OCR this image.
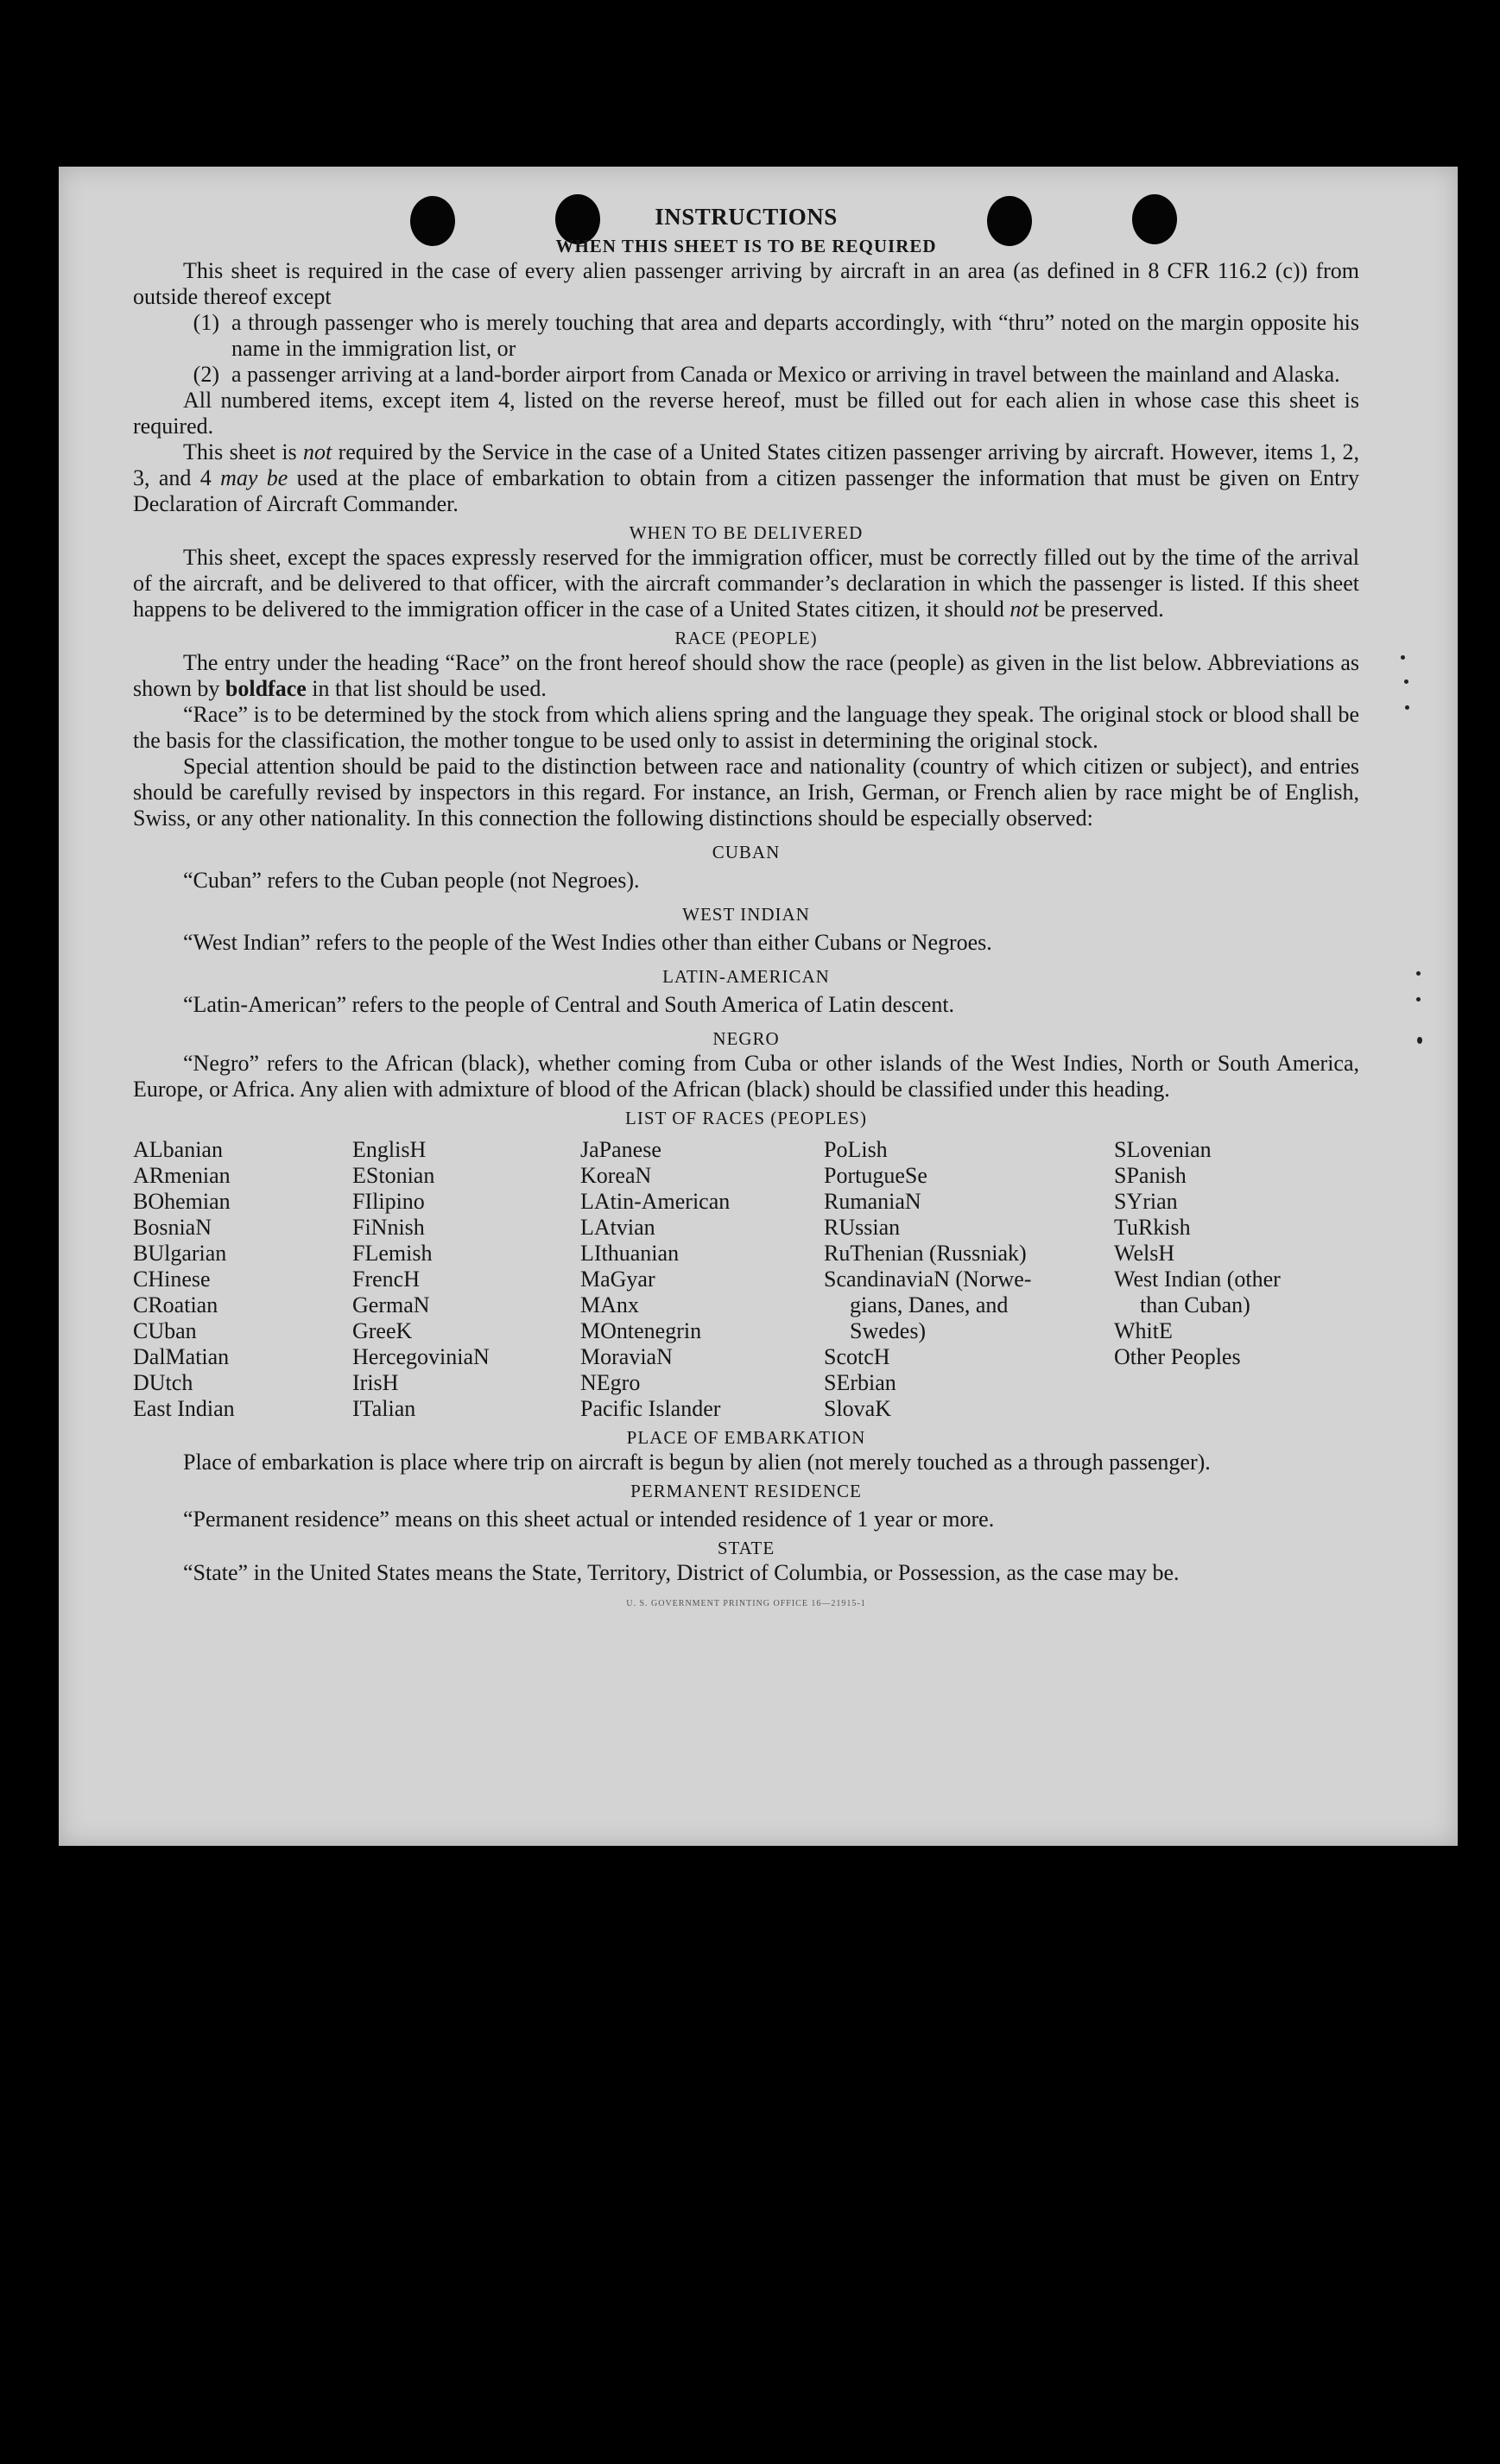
INSTRUCTIONS
WHEN THIS SHEET IS TO BE REQUIRED

This sheet is required in the case of every alien passenger arriving by aircraft in an area (as defined in 8 CFR 116.2 (c)) from outside thereof except

(1) a through passenger who is merely touching that area and departs accordingly, with “thru” noted on the margin opposite his name in the immigration list, or
(2) a passenger arriving at a land-border airport from Canada or Mexico or arriving in travel between the mainland and Alaska.

All numbered items, except item 4, listed on the reverse hereof, must be filled out for each alien in whose case this sheet is required.

This sheet is not required by the Service in the case of a United States citizen passenger arriving by aircraft. However, items 1, 2, 3, and 4 may be used at the place of embarkation to obtain from a citizen passenger the information that must be given on Entry Declaration of Aircraft Commander.

WHEN TO BE DELIVERED

This sheet, except the spaces expressly reserved for the immigration officer, must be correctly filled out by the time of the arrival of the aircraft, and be delivered to that officer, with the aircraft commander’s declaration in which the passenger is listed. If this sheet happens to be delivered to the immigration officer in the case of a United States citizen, it should not be preserved.

RACE (PEOPLE)

The entry under the heading “Race” on the front hereof should show the race (people) as given in the list below. Abbreviations as shown by boldface in that list should be used.

“Race” is to be determined by the stock from which aliens spring and the language they speak. The original stock or blood shall be the basis for the classification, the mother tongue to be used only to assist in determining the original stock.

Special attention should be paid to the distinction between race and nationality (country of which citizen or subject), and entries should be carefully revised by inspectors in this regard. For instance, an Irish, German, or French alien by race might be of English, Swiss, or any other nationality. In this connection the following distinctions should be especially observed:

CUBAN

“Cuban” refers to the Cuban people (not Negroes).

WEST INDIAN

“West Indian” refers to the people of the West Indies other than either Cubans or Negroes.

LATIN-AMERICAN

“Latin-American” refers to the people of Central and South America of Latin descent.

NEGRO

“Negro” refers to the African (black), whether coming from Cuba or other islands of the West Indies, North or South America, Europe, or Africa. Any alien with admixture of blood of the African (black) should be classified under this heading.

LIST OF RACES (PEOPLES)
ALbanian
ARmenian
BOhemian
BosniaN
BUlgarian
CHinese
CRoatian
CUban
DalMatian
DUtch
East Indian
EnglisH
EStonian
FIlipino
FiNnish
FLemish
FrencH
GermaN
GreeK
HercegoviniaN
IrisH
ITalian
JaPanese
KoreaN
LAtin-American
LAtvian
LIthuanian
MaGyar
MAnx
MOntenegrin
MoraviaN
NEgro
Pacific Islander
PoLish
PortugueSe
RumaniaN
RUssian
RuThenian (Russniak)
ScandinaviaN (Norwe-
gians, Danes, and
Swedes)
ScotcH
SErbian
SlovaK
SLovenian
SPanish
SYrian
TuRkish
WelsH
West Indian (other
than Cuban)
WhitE
Other Peoples
PLACE OF EMBARKATION

Place of embarkation is place where trip on aircraft is begun by alien (not merely touched as a through passenger).

PERMANENT RESIDENCE

“Permanent residence” means on this sheet actual or intended residence of 1 year or more.

STATE

“State” in the United States means the State, Territory, District of Columbia, or Possession, as the case may be.

U. S. GOVERNMENT PRINTING OFFICE 16—21915-1
